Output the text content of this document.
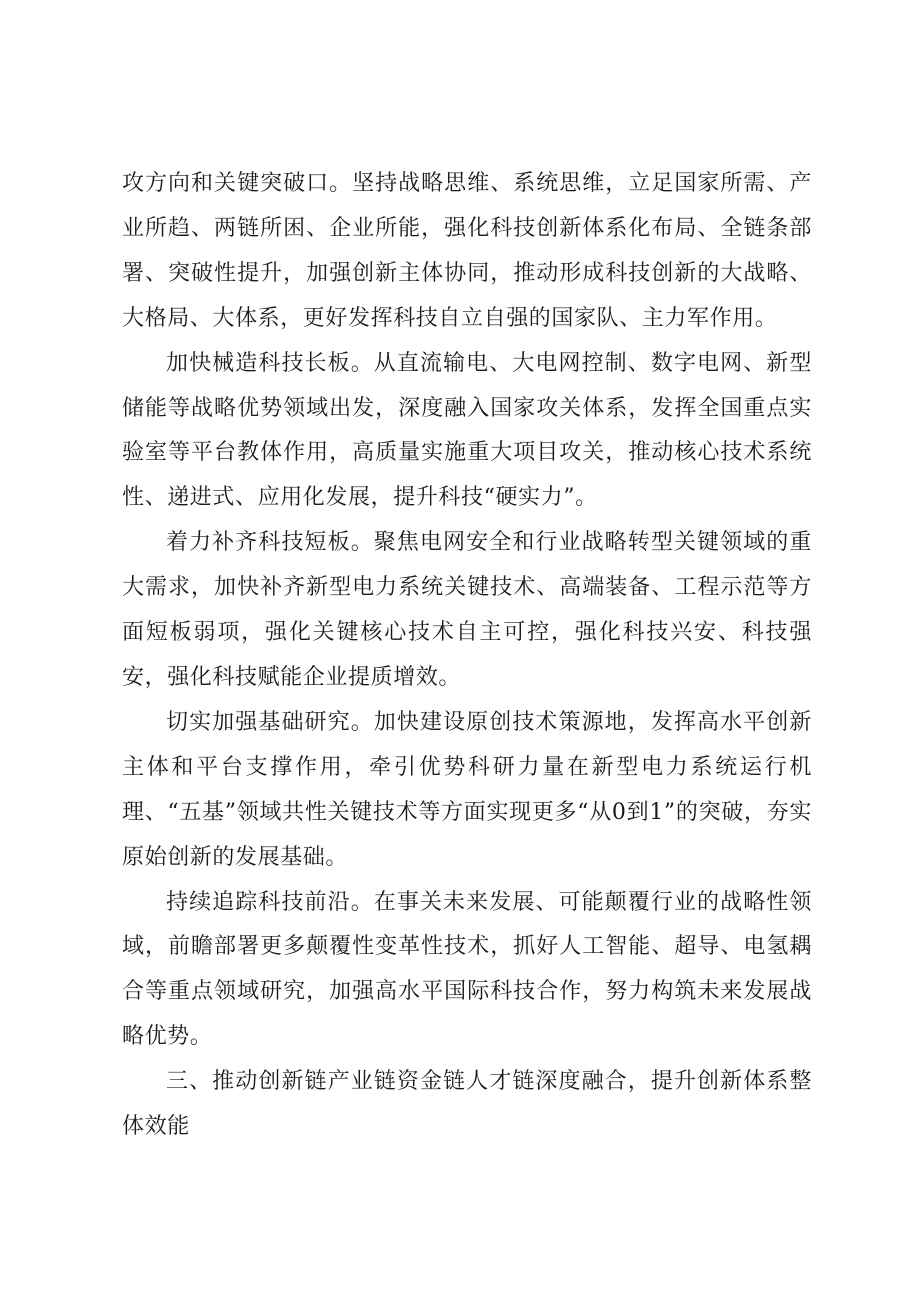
攻方向和关键突破口。坚持战略思维、系统思维，立足国家所需、产业所趋、两链所困、企业所能，强化科技创新体系化布局、全链条部署、突破性提升，加强创新主体协同，推动形成科技创新的大战略、大格局、大体系，更好发挥科技自立自强的国家队、主力军作用。

加快械造科技长板。从直流输电、大电网控制、数字电网、新型储能等战略优势领域出发，深度融入国家攻关体系，发挥全国重点实验室等平台教体作用，高质量实施重大项目攻关，推动核心技术系统性、递进式、应用化发展，提升科技“硬实力”。

着力补齐科技短板。聚焦电网安全和行业战略转型关键领域的重大需求，加快补齐新型电力系统关键技术、高端装备、工程示范等方面短板弱项，强化关键核心技术自主可控，强化科技兴安、科技强安，强化科技赋能企业提质增效。

切实加强基础研究。加快建设原创技术策源地，发挥高水平创新主体和平台支撑作用，牵引优势科研力量在新型电力系统运行机理、“五基”领域共性关键技术等方面实现更多“从0到1”的突破，夯实原始创新的发展基础。

持续追踪科技前沿。在事关未来发展、可能颠覆行业的战略性领域，前瞻部署更多颠覆性变革性技术，抓好人工智能、超导、电氢耦合等重点领域研究，加强高水平国际科技合作，努力构筑未来发展战略优势。

三、推动创新链产业链资金链人才链深度融合，提升创新体系整体效能
